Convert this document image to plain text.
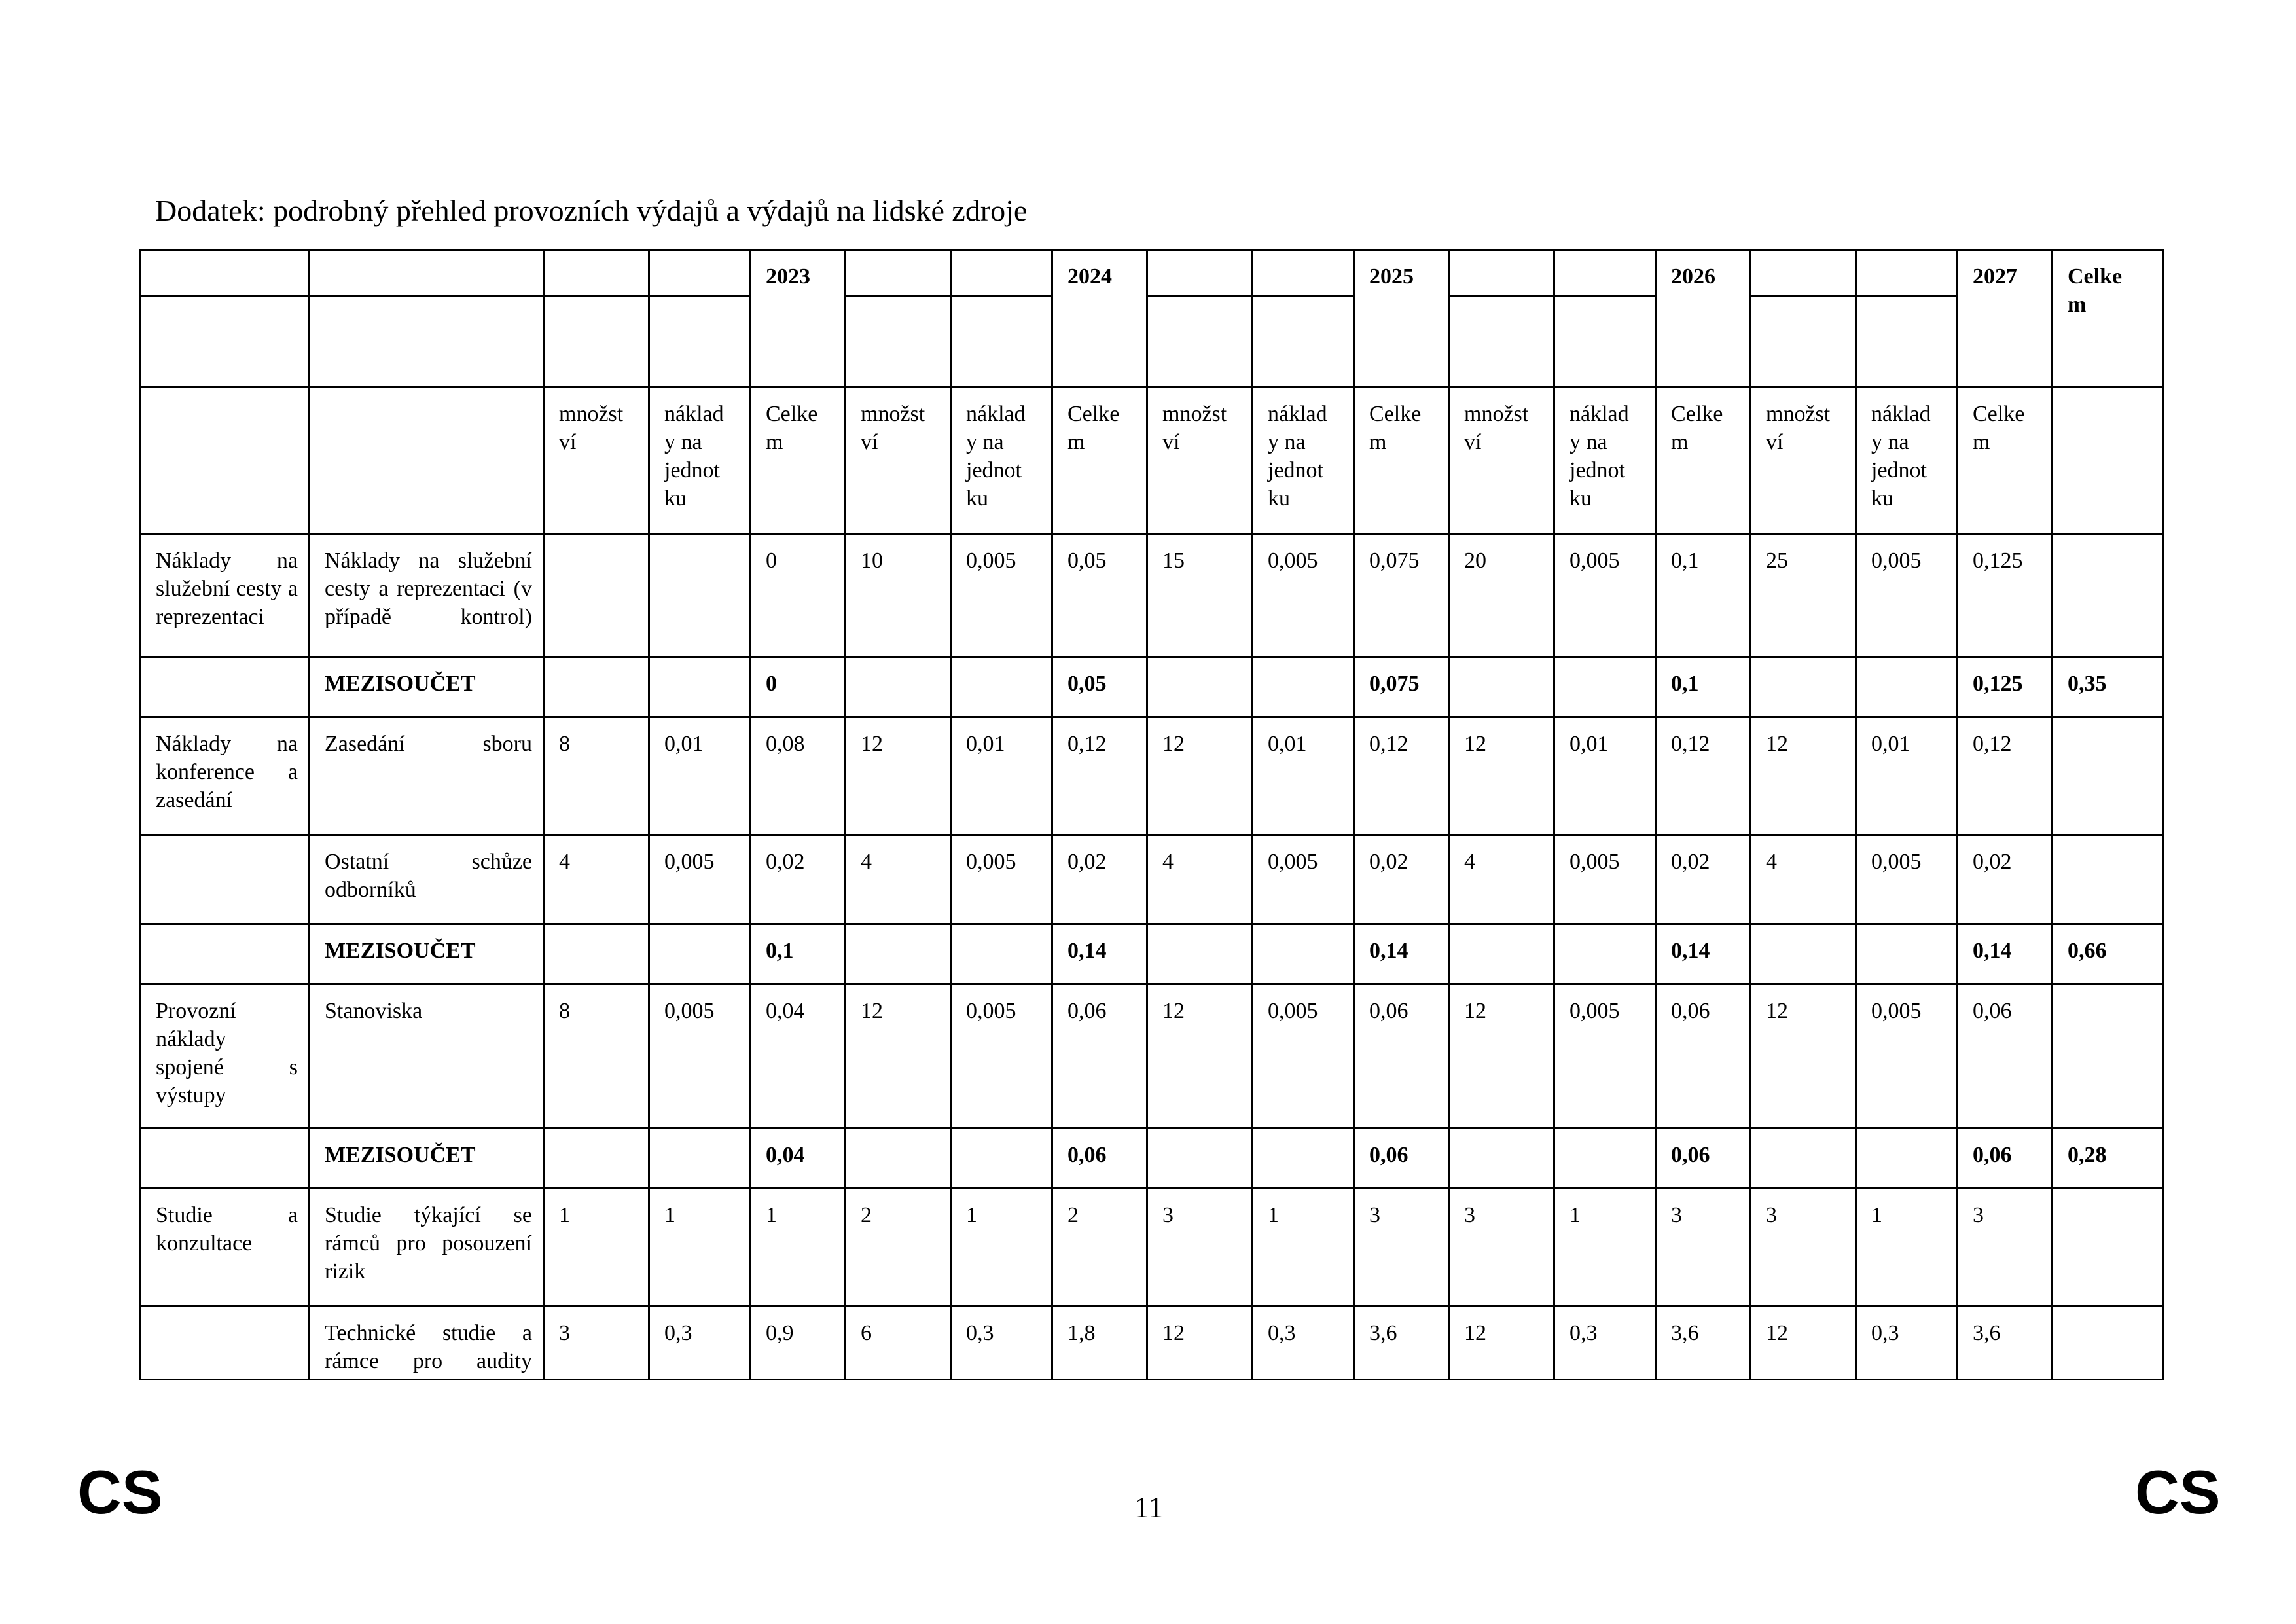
Dodatek: podrobný přehled provozních výdajů a výdajů na lidské zdroje
				2023			2024			2025			2026			2027	Celke
m

		množst
ví	náklad
y na
jednot
ku	Celke
m	množst
ví	náklad
y na
jednot
ku	Celke
m	množst
ví	náklad
y na
jednot
ku	Celke
m	množst
ví	náklad
y na
jednot
ku	Celke
m	množst
ví	náklad
y na
jednot
ku	Celke
m	

Náklady na služební cesty a reprezentaci	Náklady na služební cesty a reprezentaci (v případě kontrol)			0	10	0,005	0,05	15	0,005	0,075	20	0,005	0,1	25	0,005	0,125	
	MEZISOUČET			0			0,05			0,075			0,1			0,125	0,35
Náklady na konference a zasedání	Zasedání sboru	8	0,01	0,08	12	0,01	0,12	12	0,01	0,12	12	0,01	0,12	12	0,01	0,12	
	Ostatní schůze odborníků	4	0,005	0,02	4	0,005	0,02	4	0,005	0,02	4	0,005	0,02	4	0,005	0,02	
	MEZISOUČET			0,1			0,14			0,14			0,14			0,14	0,66
Provozní náklady spojené s výstupy	Stanoviska	8	0,005	0,04	12	0,005	0,06	12	0,005	0,06	12	0,005	0,06	12	0,005	0,06	
	MEZISOUČET			0,04			0,06			0,06			0,06			0,06	0,28
Studie a konzultace	Studie týkající se rámců pro posouzení rizik	1	1	1	2	1	2	3	1	3	3	1	3	3	1	3	
	Technické studie a rámce pro audity	3	0,3	0,9	6	0,3	1,8	12	0,3	3,6	12	0,3	3,6	12	0,3	3,6	
CS	11	CS
